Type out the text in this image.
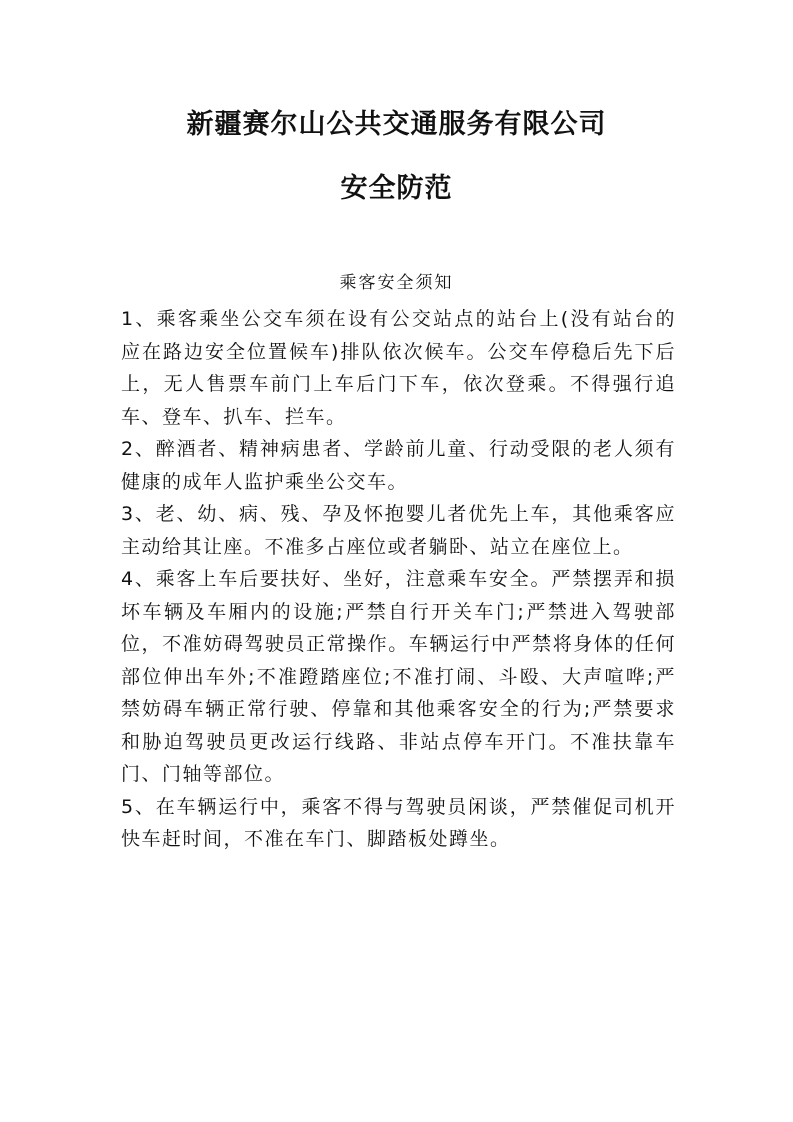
新疆赛尔山公共交通服务有限公司
安全防范

乘客安全须知

1、乘客乘坐公交车须在设有公交站点的站台上(没有站台的应在路边安全位置候车)排队依次候车。公交车停稳后先下后上，无人售票车前门上车后门下车，依次登乘。不得强行追车、登车、扒车、拦车。

2、醉酒者、精神病患者、学龄前儿童、行动受限的老人须有健康的成年人监护乘坐公交车。

3、老、幼、病、残、孕及怀抱婴儿者优先上车，其他乘客应主动给其让座。不准多占座位或者躺卧、站立在座位上。

4、乘客上车后要扶好、坐好，注意乘车安全。严禁摆弄和损坏车辆及车厢内的设施;严禁自行开关车门;严禁进入驾驶部位，不准妨碍驾驶员正常操作。车辆运行中严禁将身体的任何部位伸出车外;不准蹬踏座位;不准打闹、斗殴、大声喧哗;严禁妨碍车辆正常行驶、停靠和其他乘客安全的行为;严禁要求和胁迫驾驶员更改运行线路、非站点停车开门。不准扶靠车门、门轴等部位。

5、在车辆运行中，乘客不得与驾驶员闲谈，严禁催促司机开快车赶时间，不准在车门、脚踏板处蹲坐。
